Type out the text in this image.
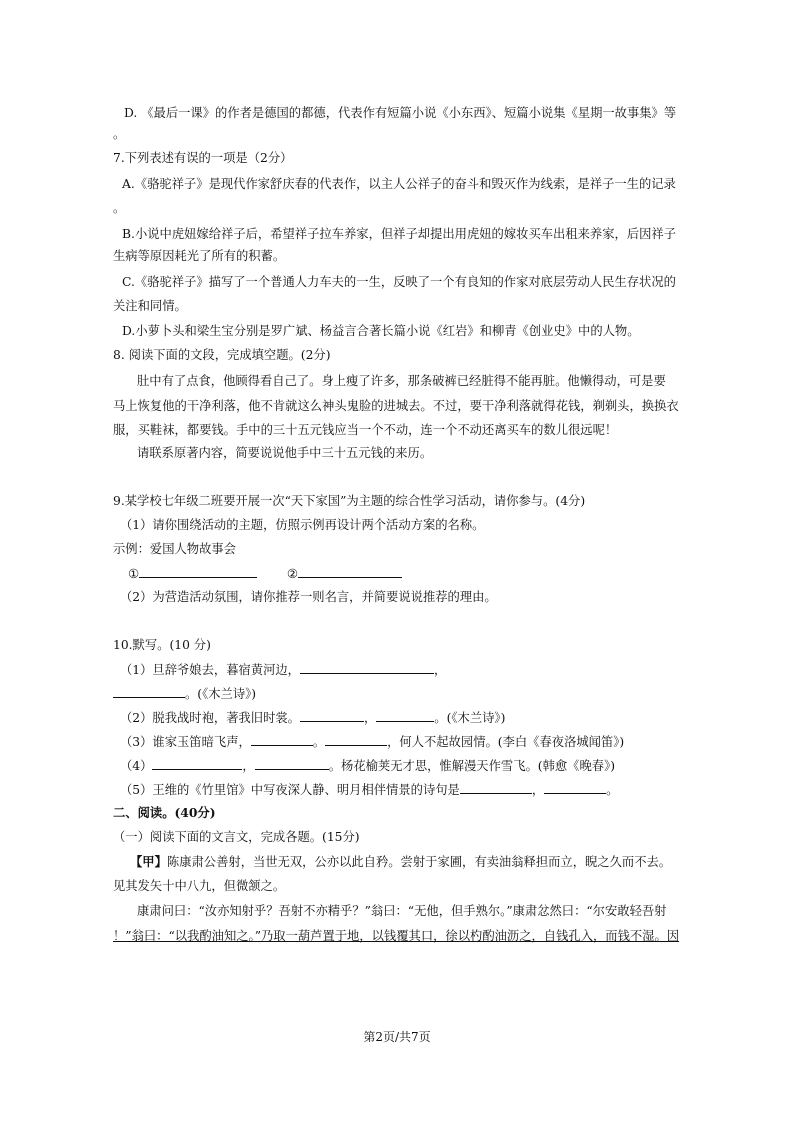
D. 《最后一课》的作者是德国的都德，代表作有短篇小说《小东西》、短篇小说集《星期一故事集》等
。
7.下列表述有误的一项是（2分）
A.《骆驼祥子》是现代作家舒庆春的代表作，以主人公祥子的奋斗和毁灭作为线索，是祥子一生的记录
。
B.小说中虎妞嫁给祥子后，希望祥子拉车养家，但祥子却提出用虎妞的嫁妆买车出租来养家，后因祥子
生病等原因耗光了所有的积蓄。
C.《骆驼祥子》描写了一个普通人力车夫的一生，反映了一个有良知的作家对底层劳动人民生存状况的
关注和同情。
D.小萝卜头和梁生宝分别是罗广斌、杨益言合著长篇小说《红岩》和柳青《创业史》中的人物。
8. 阅读下面的文段，完成填空题。(2分)
肚中有了点食，他顾得看自己了。身上瘦了许多，那条破裤已经脏得不能再脏。他懒得动，可是要
马上恢复他的干净利落，他不肯就这么神头鬼脸的进城去。不过，要干净利落就得花钱，剃剃头，换换衣
服，买鞋袜，都要钱。手中的三十五元钱应当一个不动，连一个不动还离买车的数儿很远呢！
请联系原著内容，简要说说他手中三十五元钱的来历。
9.某学校七年级二班要开展一次“天下家国”为主题的综合性学习活动，请你参与。(4分)
（1）请你围绕活动的主题，仿照示例再设计两个活动方案的名称。
示例：爱国人物故事会
①	②
（2）为营造活动氛围，请你推荐一则名言，并简要说说推荐的理由。
10.默写。(10 分)
（1）旦辞爷娘去，暮宿黄河边，	，
。(《木兰诗》)
（2）脱我战时袍，著我旧时裳。	，	。(《木兰诗》)
（3）谁家玉笛暗飞声，	。	，何人不起故园情。(李白《春夜洛城闻笛》)
（4）	，	。杨花榆荚无才思，惟解漫天作雪飞。(韩愈《晚春》)
（5）王维的《竹里馆》中写夜深人静、明月相伴情景的诗句是	，	。
二、阅读。(40分)
（一）阅读下面的文言文，完成各题。(15分)
【甲】陈康肃公善射，当世无双，公亦以此自矜。尝射于家圃，有卖油翁释担而立，睨之久而不去。
见其发矢十中八九，但微颔之。
康肃问曰：“汝亦知射乎？吾射不亦精乎？”翁曰：“无他，但手熟尔。”康肃忿然曰：“尔安敢轻吾射
！”翁曰：“以我酌油知之。”乃取一葫芦置于地，以钱覆其口，徐以杓酌油沥之，自钱孔入，而钱不湿。因
第2页/共7页
